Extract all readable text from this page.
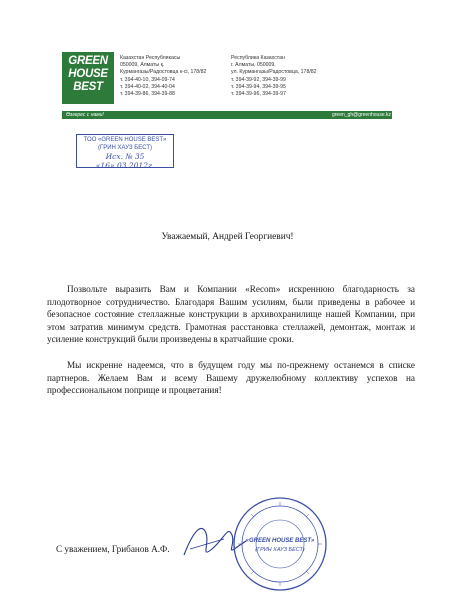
GREEN
HOUSE
BEST
Казахстан Республикасы
050009, Алматы қ.
Курмангазы/Радостовца к-сі, 178/82
т. 394-40-10, 394-09-74
т. 394-40-02, 394-40-04
т. 394-39-86, 394-39-88
Республика Казахстан
г. Алматы, 050009,
ул. Курмангазы/Радостовца, 178/82
т. 394-39-92, 394-39-99
т. 394-39-94, 394-39-95
т. 394-39-96, 394-39-97
Өзгерес с нами!	green_gh@greenhouse.kz
ТОО «GREEN HOUSE BEST»
(ГРИН ХАУЗ БЕСТ)
Исх. № 35
«16» 03 2012г.
Уважаемый, Андрей Георгиевич!

Позвольте выразить Вам и Компании «Recom» искреннюю благодарность за плодотворное сотрудничество. Благодаря Вашим усилиям, были приведены в рабочее и безопасное состояние стеллажные конструкции в архивохранилище нашей Компании, при этом затратив минимум средств. Грамотная расстановка стеллажей, демонтаж, монтаж и усиление конструкций были произведены в кратчайшие сроки.

Мы искренне надеемся, что в будущем году мы по-прежнему останемся в списке партнеров. Желаем Вам и всему Вашему дружелюбному коллективу успехов на профессиональном поприще и процветания!

С уважением, Грибанов А.Ф.
«GREEN HOUSE BEST»
(ГРИН ХАУЗ БЕСТ)
